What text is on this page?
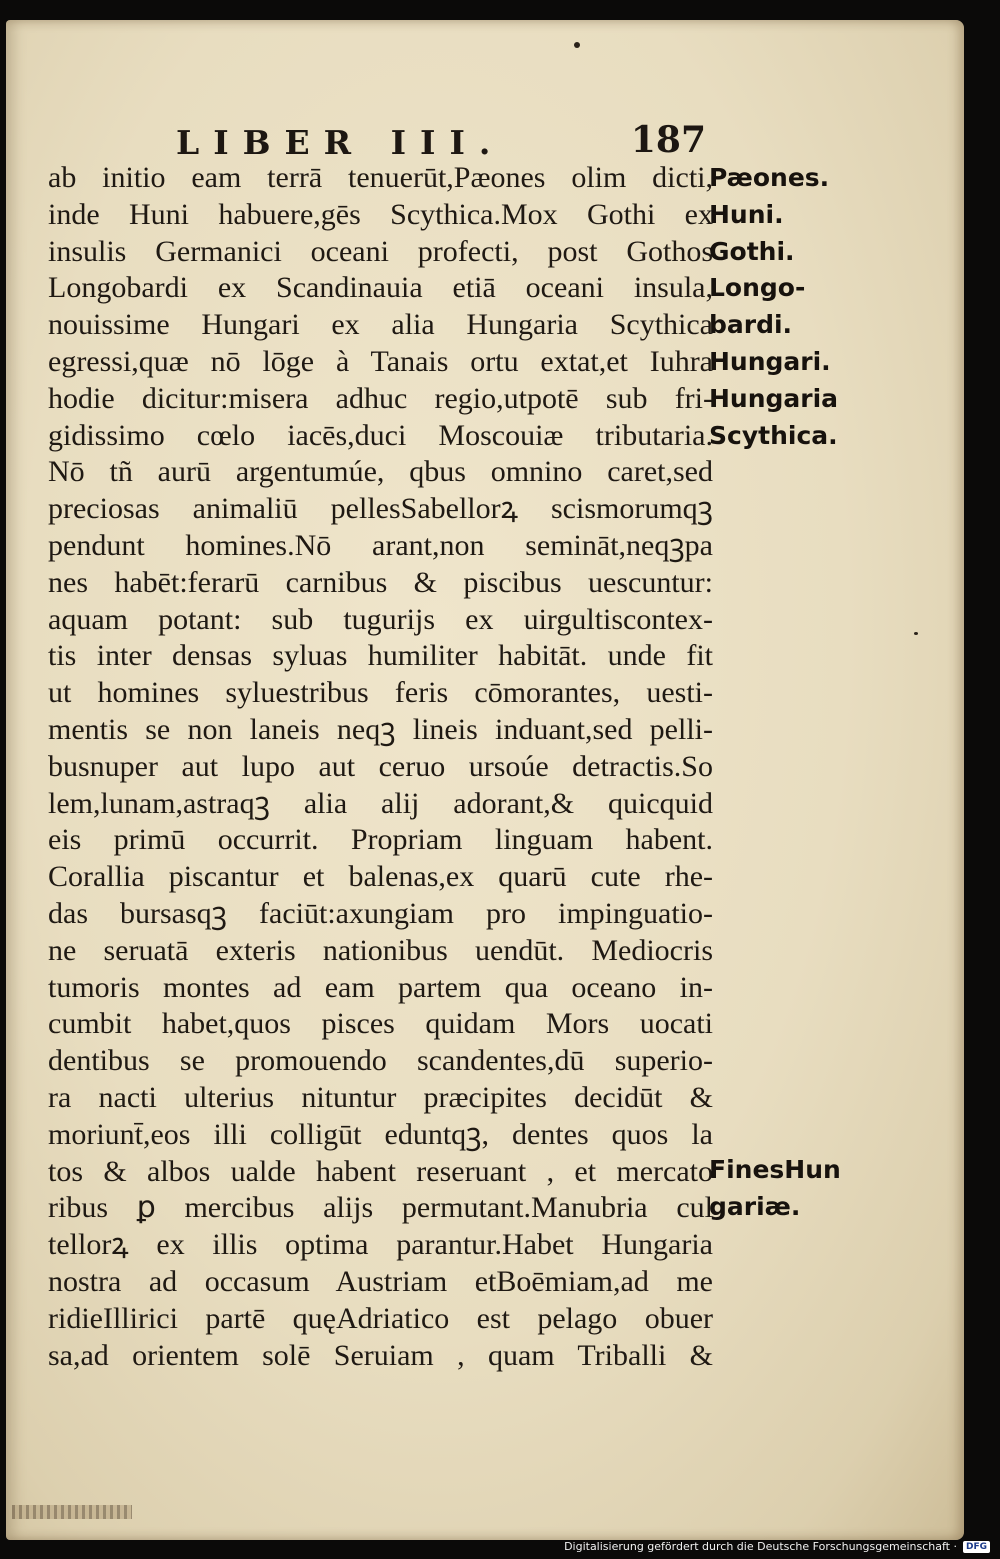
LIBER III.	187
ab initio eam terrā tenuerūt,Pæones olim dicti,
inde Huni habuere,gēs Scythica.Mox Gothi ex
insulis Germanici oceani profecti, post Gothos
Longobardi ex Scandinauia etiā oceani insula,
nouissime Hungari ex alia Hungaria Scythica
egressi,quæ nō lōge à Tanais ortu extat,et Iuhra
hodie dicitur:misera adhuc regio,utpotē sub fri-
gidissimo cœlo iacēs,duci Moscouiæ tributaria.
Nō tñ aurū argentumúe, qbus omnino caret,sed
preciosas animaliū pellesSabellorꝝ scismorumqꝫ
pendunt homines.Nō arant,non semināt,neqꝫpa
nes habēt:ferarū carnibus & piscibus uescuntur:
aquam potant: sub tugurijs ex uirgultiscontex-
tis inter densas syluas humiliter habitāt. unde fit
ut homines syluestribus feris cōmorantes, uesti-
mentis se non laneis neqꝫ lineis induant,sed pelli-
busnuper aut lupo aut ceruo ursoúe detractis.So
lem,lunam,astraqꝫ alia alij adorant,& quicquid
eis primū occurrit. Propriam linguam habent.
Corallia piscantur et balenas,ex quarū cute rhe-
das bursasqꝫ faciūt:axungiam pro impinguatio-
ne seruatā exteris nationibus uendūt. Mediocris
tumoris montes ad eam partem qua oceano in-
cumbit habet,quos pisces quidam Mors uocati
dentibus se promouendo scandentes,dū superio-
ra nacti ulterius nituntur præcipites decidūt &
moriunt̄,eos illi colligūt eduntqꝫ, dentes quos la
tos & albos ualde habent reseruant , et mercato
ribus ꝑ mercibus alijs permutant.Manubria cul
tellorꝝ ex illis optima parantur.Habet Hungaria
nostra ad occasum Austriam etBoēmiam,ad me
ridieIllirici partē quęAdriatico est pelago obuer
sa,ad orientem solē Seruiam , quam Triballi &
Pæones.
Huni.
Gothi.
Longo-
bardi.
Hungari.
Hungaria
Scythica.
FinesHun
gariæ.
Digitalisierung gefördert durch die Deutsche Forschungsgemeinschaft ·	DFG
